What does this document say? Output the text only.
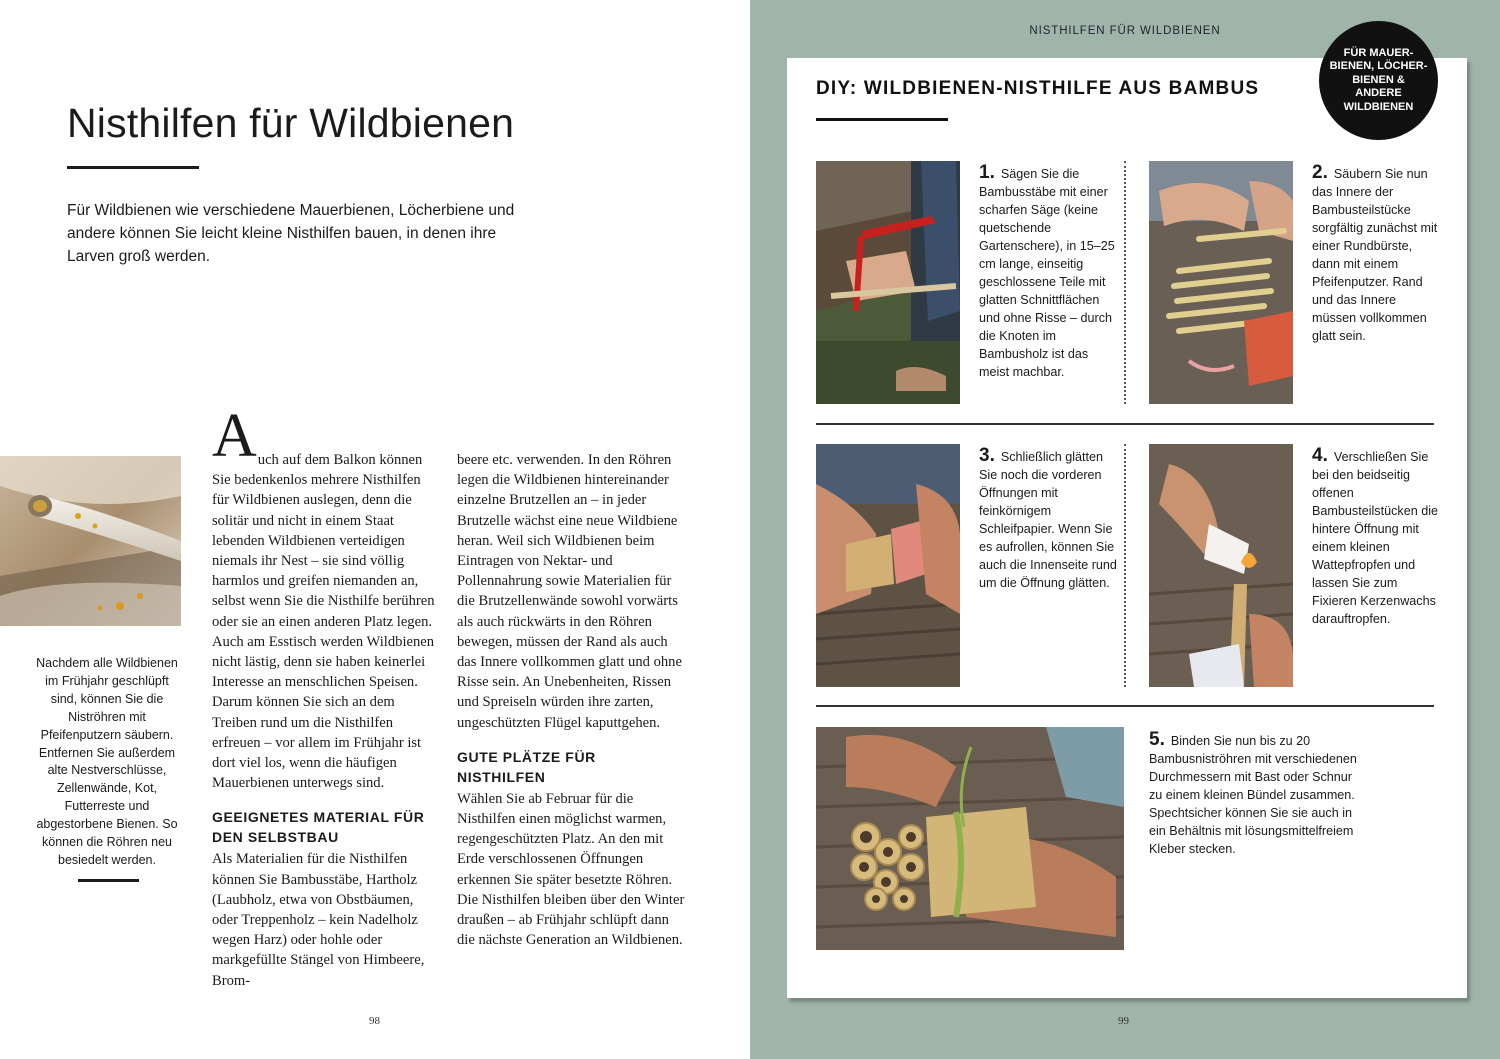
Nisthilfen für Wildbienen

Für Wildbienen wie verschiedene Mauerbienen, Löcherbiene und andere können Sie leicht kleine Nisthilfen bauen, in denen ihre Larven groß werden.

Nachdem alle Wildbienen im Frühjahr geschlüpft sind, können Sie die Niströhren mit Pfeifenputzern säubern. Entfernen Sie außerdem alte Nestverschlüsse, Zellenwände, Kot, Futterreste und abgestorbene Bienen. So können die Röhren neu besiedelt werden.

A uch auf dem Balkon können Sie bedenkenlos mehrere Nisthilfen für Wildbienen auslegen, denn die solitär und nicht in einem Staat lebenden Wildbienen verteidigen niemals ihr Nest – sie sind völlig harmlos und greifen niemanden an, selbst wenn Sie die Nisthilfe berühren oder sie an einen anderen Platz legen. Auch am Esstisch werden Wildbienen nicht lästig, denn sie haben keinerlei Interesse an menschlichen Speisen.

Darum können Sie sich an dem Treiben rund um die Nisthilfen erfreuen – vor allem im Frühjahr ist dort viel los, wenn die häufigen Mauerbienen unterwegs sind.

GEEIGNETES MATERIAL FÜR DEN SELBSTBAU

Als Materialien für die Nisthilfen können Sie Bambusstäbe, Hartholz (Laubholz, etwa von Obstbäumen, oder Treppenholz – kein Nadelholz wegen Harz) oder hohle oder markgefüllte Stängel von Himbeere, Brom-

beere etc. verwenden. In den Röhren legen die Wildbienen hintereinander einzelne Brutzellen an – in jeder Brutzelle wächst eine neue Wildbiene heran. Weil sich Wildbienen beim Eintragen von Nektar- und Pollennahrung sowie Materialien für die Brutzellenwände sowohl vorwärts als auch rückwärts in den Röhren bewegen, müssen der Rand als auch das Innere vollkommen glatt und ohne Risse sein. An Unebenheiten, Rissen und Spreiseln würden ihre zarten, ungeschützten Flügel kaputtgehen.

GUTE PLÄTZE FÜR NISTHILFEN

Wählen Sie ab Februar für die Nisthilfen einen möglichst warmen, regengeschützten Platz. An den mit Erde verschlossenen Öffnungen erkennen Sie später besetzte Röhren. Die Nisthilfen bleiben über den Winter draußen – ab Frühjahr schlüpft dann die nächste Generation an Wildbienen.

98
NISTHILFEN FÜR WILDBIENEN
DIY: WILDBIENEN-NISTHILFE AUS BAMBUS
FÜR MAUER-BIENEN, LÖCHER-BIENEN & ANDERE WILDBIENEN
1. Sägen Sie die Bambusstäbe mit einer scharfen Säge (keine quetschende Gartenschere), in 15–25 cm lange, einseitig geschlossene Teile mit glatten Schnittflächen und ohne Risse – durch die Knoten im Bambusholz ist das meist machbar.
2. Säubern Sie nun das Innere der Bambusteilstücke sorgfältig zunächst mit einer Rundbürste, dann mit einem Pfeifenputzer. Rand und das Innere müssen vollkommen glatt sein.
3. Schließlich glätten Sie noch die vorderen Öffnungen mit feinkörnigem Schleifpapier. Wenn Sie es aufrollen, können Sie auch die Innenseite rund um die Öffnung glätten.
4. Verschließen Sie bei den beidseitig offenen Bambusteilstücken die hintere Öffnung mit einem kleinen Wattepfropfen und lassen Sie zum Fixieren Kerzenwachs darauftropfen.
5. Binden Sie nun bis zu 20 Bambusniströhren mit verschiedenen Durchmessern mit Bast oder Schnur zu einem kleinen Bündel zusammen. Spechtsicher können Sie sie auch in ein Behältnis mit lösungsmittelfreiem Kleber stecken.
99
